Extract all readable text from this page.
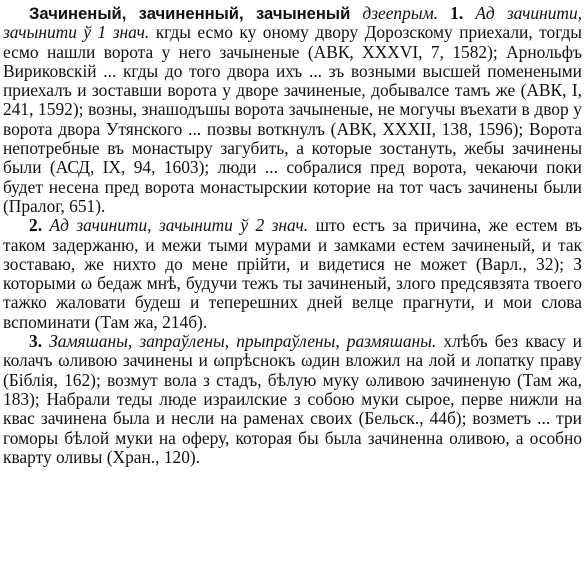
Зачиненый, зачиненный, зачыненый дзеепрым. 1. Ад зачинити, зачынити ў 1 знач. кгды есмо ку оному двору Дорозскому приехали, тогды есмо нашли ворота у него зачыненые (АВК, XXXVI, 7, 1582); Арнольфъ Вириковскій ... кгды до того двора ихъ ... зъ возными высшей поменеными приехалъ и зоставши ворота у дворе зачиненые, добывалсе тамъ же (АВК, I, 241, 1592); возны, знашодъшы ворота зачыненые, не могучы въехати в двор у ворота двора Утянского ... позвы воткнулъ (АВК, XXXII, 138, 1596); Ворота непотребные въ монастыру загубить, а которые зостануть, жебы зачинены были (АСД, IX, 94, 1603); люди ... собралися пред ворота, чекаючи поки будет несена пред ворота монастырскии которие на тот часъ зачинены были (Пралог, 651).

2. Ад зачинити, зачынити ў 2 знач. што естъ за причина, же естем въ таком задержаню, и межи тыми мурами и замками естем зачиненый, и так зоставаю, же нихто до мене прійти, и видетися не может (Варл., 32); З которыми ω бедаж мнѣ, будучи тежъ ты зачиненый, злого предсявзята твоего тажко жаловати будеш и теперешних дней велце прагнути, и мои слова вспоминати (Там жа, 214б).

3. Замяшаны, запраўлены, прыпраўлены, размяшаны. хлѣбъ без квасу и колачъ ωливою зачинены и ωпрѣснокъ ωдин вложил на лой и лопатку праву (Біблія, 162); возмут вола з стадъ, бѣлую муку ωливою зачиненую (Там жа, 183); Набрали теды люде израилские з собою муки сырое, перве нижли на квас зачинена была и несли на раменах своих (Бельск., 44б); возметъ ... три гоморы бѣлой муки на оферу, которая бы была зачиненна оливою, а особно кварту оливы (Хран., 120).
